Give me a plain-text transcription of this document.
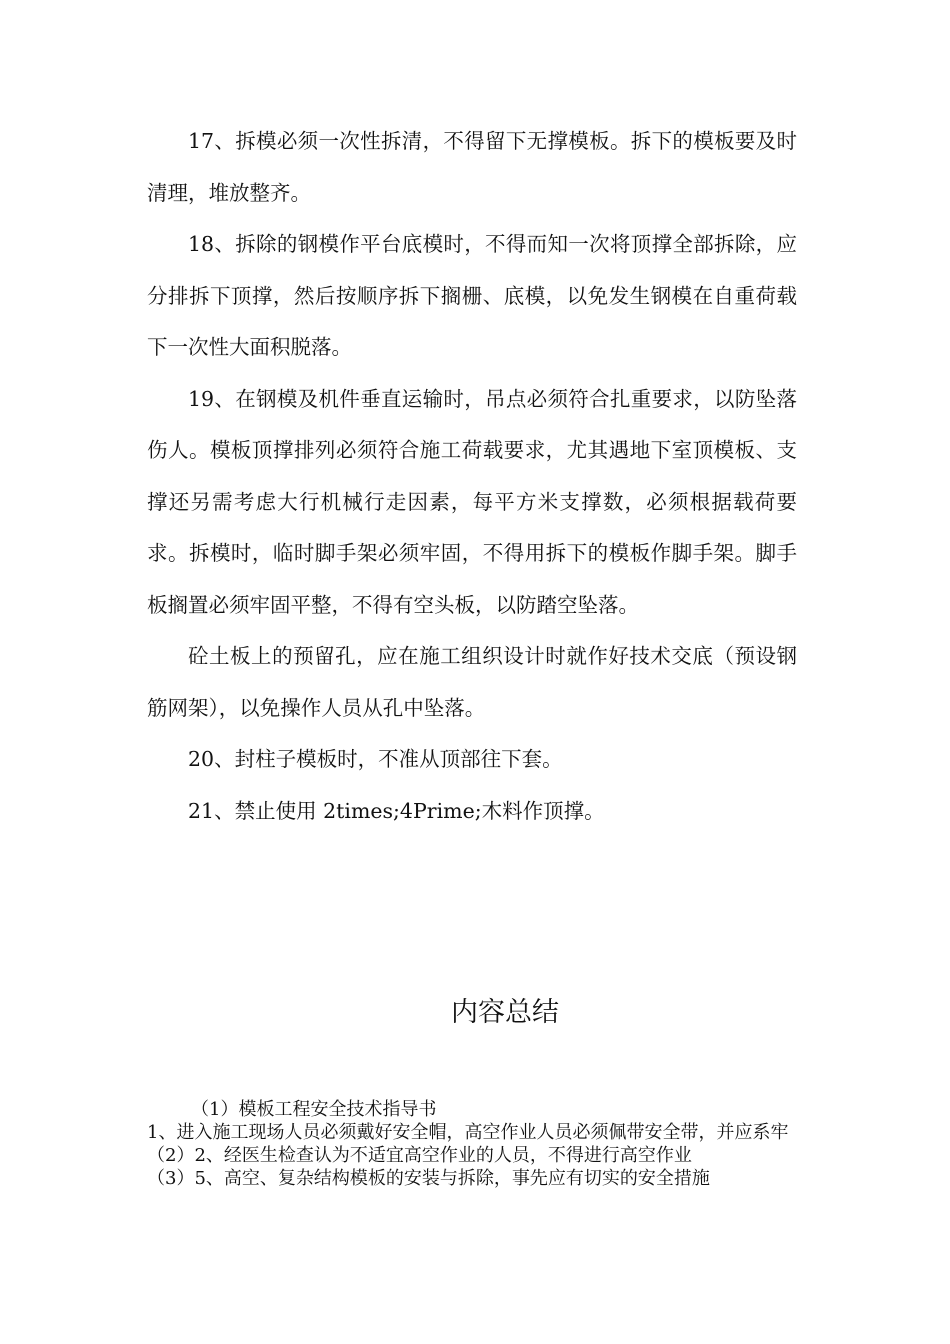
17、拆模必须一次性拆清，不得留下无撑模板。拆下的模板要及时清理，堆放整齐。

18、拆除的钢模作平台底模时，不得而知一次将顶撑全部拆除，应分排拆下顶撑，然后按顺序拆下搁栅、底模，以免发生钢模在自重荷载下一次性大面积脱落。

19、在钢模及机件垂直运输时，吊点必须符合扎重要求，以防坠落伤人。模板顶撑排列必须符合施工荷载要求，尤其遇地下室顶模板、支撑还另需考虑大行机械行走因素，每平方米支撑数，必须根据载荷要求。拆模时，临时脚手架必须牢固，不得用拆下的模板作脚手架。脚手板搁置必须牢固平整，不得有空头板，以防踏空坠落。

砼土板上的预留孔，应在施工组织设计时就作好技术交底（预设钢筋网架），以免操作人员从孔中坠落。

20、封柱子模板时，不准从顶部往下套。

21、禁止使用 2times;4Prime;木料作顶撑。

内容总结
（1）模板工程安全技术指导书
1、进入施工现场人员必须戴好安全帽，高空作业人员必须佩带安全带，并应系牢
（2）2、经医生检查认为不适宜高空作业的人员，不得进行高空作业
（3）5、高空、复杂结构模板的安装与拆除，事先应有切实的安全措施
